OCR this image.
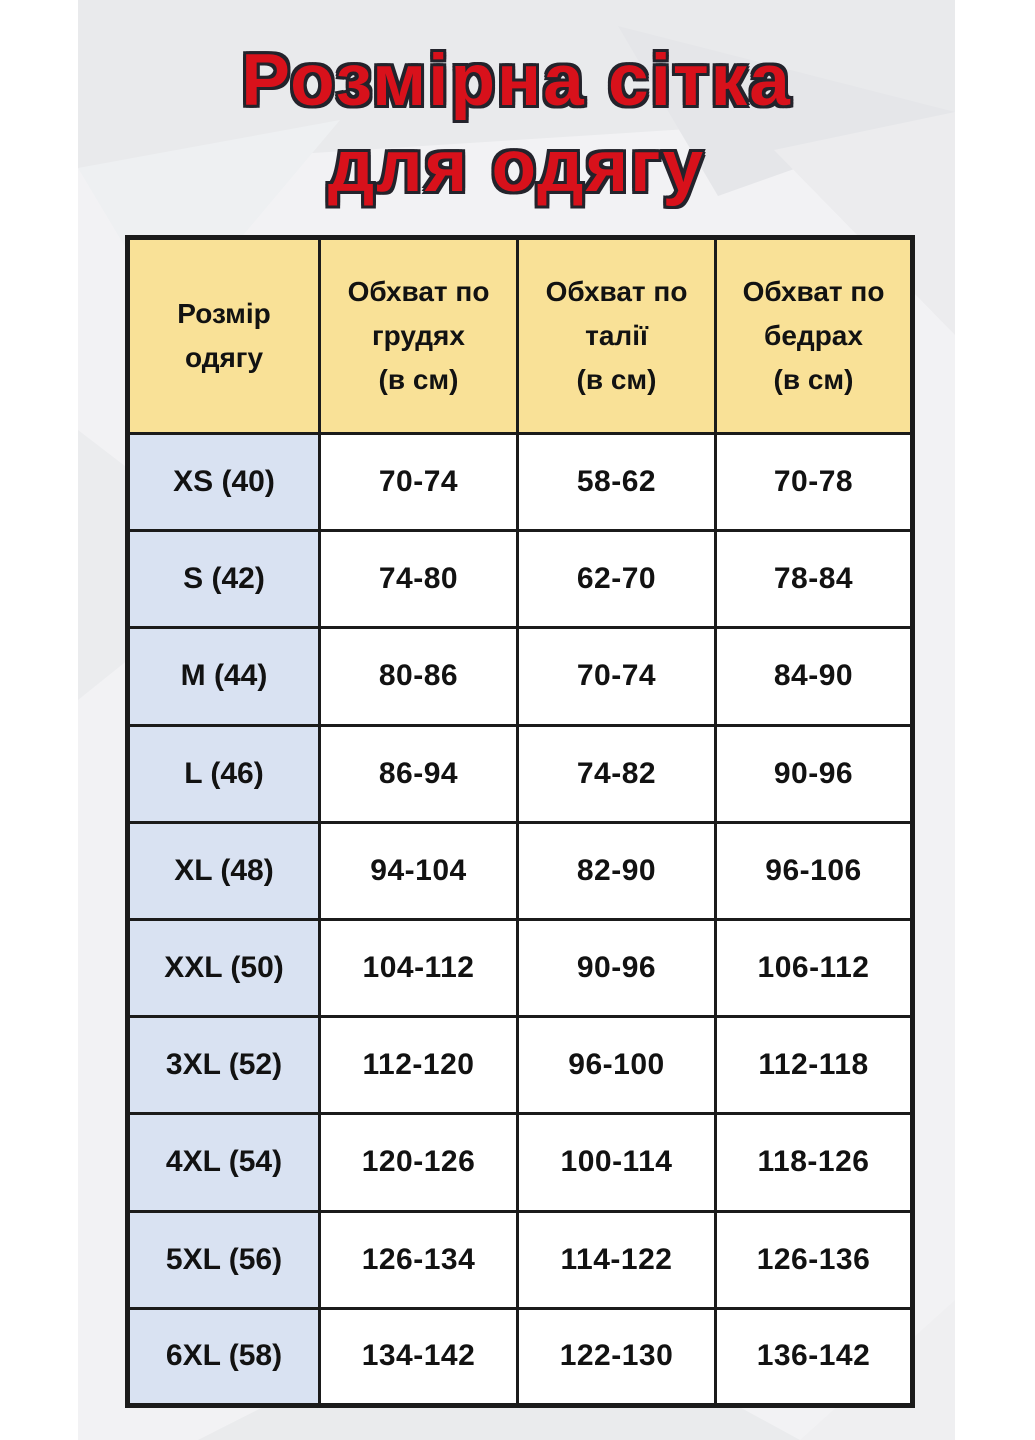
Розмірна сітка
для одягу
Розмір
одягу	Обхват по
грудях
(в см)	Обхват по
талії
(в см)	Обхват по
бедрах
(в см)

XS (40)	70-74	58-62	70-78
S (42)	74-80	62-70	78-84
M (44)	80-86	70-74	84-90
L (46)	86-94	74-82	90-96
XL (48)	94-104	82-90	96-106
XXL (50)	104-112	90-96	106-112
3XL (52)	112-120	96-100	112-118
4XL (54)	120-126	100-114	118-126
5XL (56)	126-134	114-122	126-136
6XL (58)	134-142	122-130	136-142
